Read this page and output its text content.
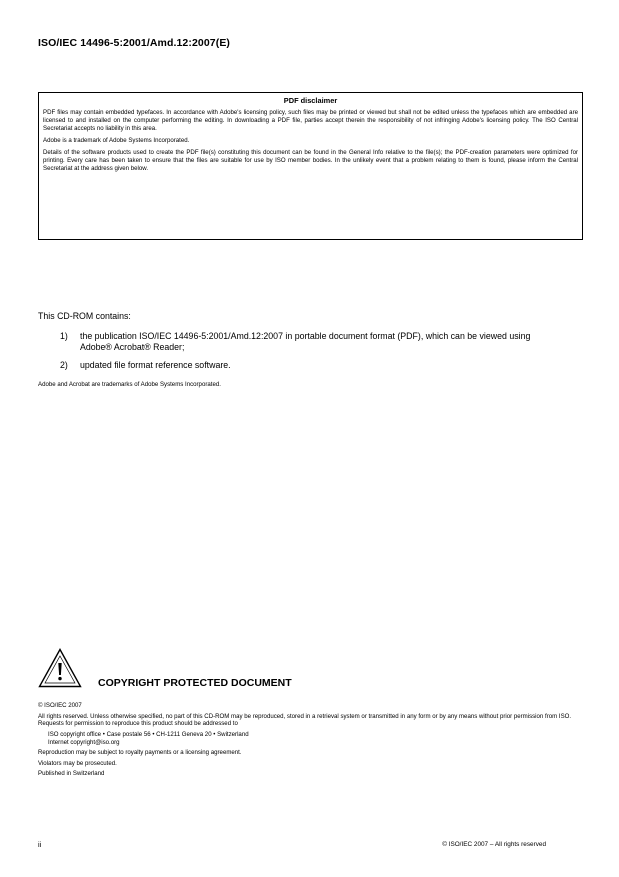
ISO/IEC 14496-5:2001/Amd.12:2007(E)
PDF disclaimer

PDF files may contain embedded typefaces. In accordance with Adobe's licensing policy, such files may be printed or viewed but shall not be edited unless the typefaces which are embedded are licensed to and installed on the computer performing the editing. In downloading a PDF file, parties accept therein the responsibility of not infringing Adobe's licensing policy. The ISO Central Secretariat accepts no liability in this area.

Adobe is a trademark of Adobe Systems Incorporated.

Details of the software products used to create the PDF file(s) constituting this document can be found in the General Info relative to the file(s); the PDF-creation parameters were optimized for printing. Every care has been taken to ensure that the files are suitable for use by ISO member bodies. In the unlikely event that a problem relating to them is found, please inform the Central Secretariat at the address given below.

This CD-ROM contains:

1) the publication ISO/IEC 14496-5:2001/Amd.12:2007 in portable document format (PDF), which can be viewed using Adobe® Acrobat® Reader;
2) updated file format reference software.
Adobe and Acrobat are trademarks of Adobe Systems Incorporated.
COPYRIGHT PROTECTED DOCUMENT

© ISO/IEC 2007

All rights reserved. Unless otherwise specified, no part of this CD-ROM may be reproduced, stored in a retrieval system or transmitted in any form or by any means without prior permission from ISO. Requests for permission to reproduce this product should be addressed to

ISO copyright office • Case postale 56 • CH-1211 Geneva 20 • Switzerland

Internet copyright@iso.org

Reproduction may be subject to royalty payments or a licensing agreement.

Violators may be prosecuted.

Published in Switzerland

ii	© ISO/IEC 2007 – All rights reserved
